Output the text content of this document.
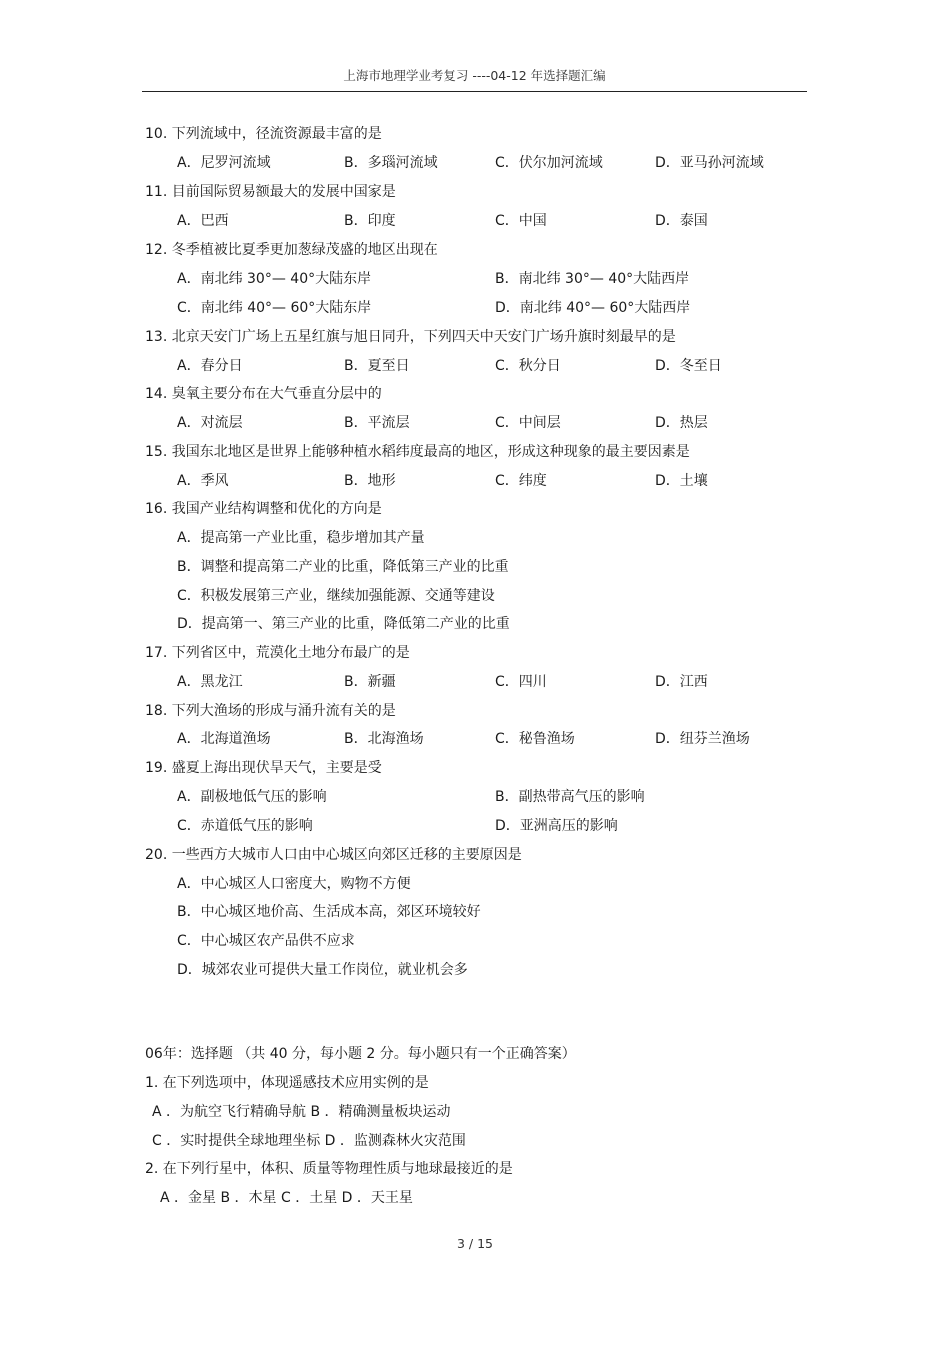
上海市地理学业考复习 ----04-12 年选择题汇编
10. 下列流域中，径流资源最丰富的是
A．尼罗河流域	B．多瑙河流域	C．伏尔加河流域	D．亚马孙河流域
11. 目前国际贸易额最大的发展中国家是
A．巴西	B．印度	C．中国	D．泰国
12. 冬季植被比夏季更加葱绿茂盛的地区出现在
A．南北纬 30°— 40°大陆东岸	B．南北纬 30°— 40°大陆西岸
C．南北纬 40°— 60°大陆东岸	D．南北纬 40°— 60°大陆西岸
13. 北京天安门广场上五星红旗与旭日同升，下列四天中天安门广场升旗时刻最早的是
A．春分日	B．夏至日	C．秋分日	D．冬至日
14. 臭氧主要分布在大气垂直分层中的
A．对流层	B．平流层	C．中间层	D．热层
15. 我国东北地区是世界上能够种植水稻纬度最高的地区，形成这种现象的最主要因素是
A．季风	B．地形	C．纬度	D．土壤
16. 我国产业结构调整和优化的方向是
A．提高第一产业比重，稳步增加其产量
B．调整和提高第二产业的比重，降低第三产业的比重
C．积极发展第三产业，继续加强能源、交通等建设
D．提高第一、第三产业的比重，降低第二产业的比重
17. 下列省区中，荒漠化土地分布最广的是
A．黑龙江	B．新疆	C．四川	D．江西
18. 下列大渔场的形成与涌升流有关的是
A．北海道渔场	B．北海渔场	C．秘鲁渔场	D．纽芬兰渔场
19. 盛夏上海出现伏旱天气，主要是受
A．副极地低气压的影响	B．副热带高气压的影响
C．赤道低气压的影响	D．亚洲高压的影响
20. 一些西方大城市人口由中心城区向郊区迁移的主要原因是
A．中心城区人口密度大，购物不方便
B．中心城区地价高、生活成本高，郊区环境较好
C．中心城区农产品供不应求
D．城郊农业可提供大量工作岗位，就业机会多
06年：选择题 （共 40 分，每小题 2 分。每小题只有一个正确答案）
1. 在下列选项中，体现遥感技术应用实例的是
A ．为航空飞行精确导航 B ．精确测量板块运动
C ．实时提供全球地理坐标 D ．监测森林火灾范围
2. 在下列行星中，体积、质量等物理性质与地球最接近的是
A ．金星 B ．木星 C ．土星 D ．天王星
3 / 15
